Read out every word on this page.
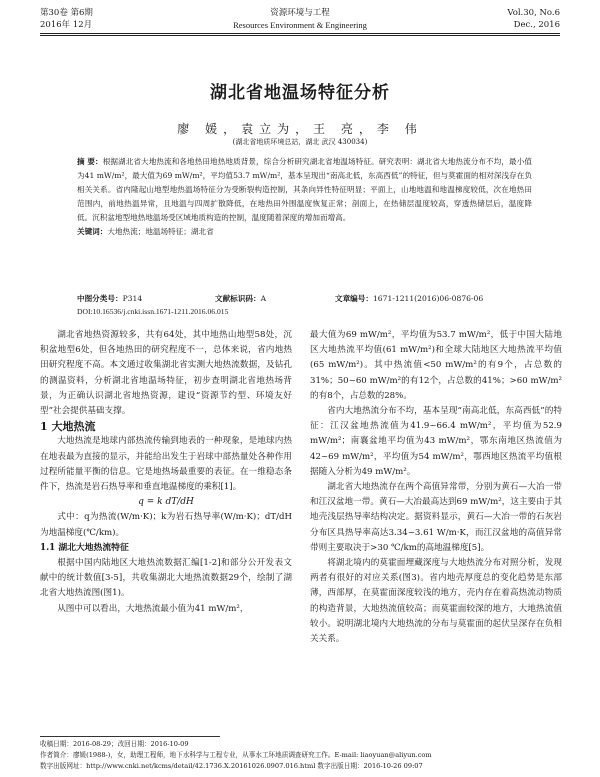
第30卷 第6期
2016年 12月
资源环境与工程
Resources Environment & Engineering
Vol.30, No.6
Dec., 2016
湖北省地温场特征分析
廖 媛，袁立为，王 亮，李 伟
(湖北省地质环境总站，湖北 武汉 430034)
摘 要：根据湖北省大地热流和各地热田地热地质背景，综合分析研究湖北省地温场特征。研究表明：湖北省大地热流分布不均，最小值为41 mW/m²，最大值为69 mW/m²，平均值53.7 mW/m²，基本呈现出“南高北低，东高西低”的特征，但与莫霍面的相对深浅存在负相关关系。省内隆起山地型地热温场特征分为受断裂构造控制，其条向异性特征明显；平面上，山地地温和地温梯度较低，次在地热田范围内，前地热温异常，且地温与四周扩散降低，在地热田外围温度恢复正常；剖面上，在热储层温度较高，穿透热储层后，温度降低。沉积盆地型地热地温场受区域地质构造的控制，温度随着深度的增加而增高。
关键词：大地热流；地温场特征；湖北省
中图分类号：P314	文献标识码：A	文章编号：1671-1211(2016)06-0876-06
DOI:10.16536/j.cnki.issn.1671-1211.2016.06.015

湖北省地热资源较多，共有64处，其中地热山地型58处，沉积盆地型6处，但各地热田的研究程度不一，总体来说，省内地热田研究程度不高。本文通过收集湖北省实测大地热流数据，及钻孔的测温资料，分析湖北省地温场特征，初步查明湖北省地热场背景，为正确认识湖北省地热资源，建设“资源节约型、环境友好型”社会提供基础支撑。

1 大地热流

大地热流是地球内部热流传输到地表的一种现象，是地球内热在地表最为直接的显示，并能给出发生于岩球中部热量处各种作用过程所能量平衡的信息。它是地热场最重要的表征。在一维稳态条件下，热流是岩石热导率和垂直地温梯度的乘积[1]。

q = k dT/dH

式中：q为热流(W/m·K)；k为岩石热导率(W/m·K)；dT/dH为地温梯度(℃/km)。

1.1 湖北大地热流特征

根据中国内陆地区大地热流数据汇编[1-2]和部分公开发表文献中的统计数值[3-5]，共收集湖北大地热流数据29个，绘制了湖北省大地热流图(图1)。

从图中可以看出，大地热流最小值为41 mW/m²，

最大值为69 mW/m²，平均值为53.7 mW/m²，低于中国大陆地区大地热流平均值(61 mW/m²)和全球大陆地区大地热流平均值(65 mW/m²)。其中热流值<50 mW/m²的有9个，占总数的31%；50~60 mW/m²的有12个，占总数的41%；>60 mW/m²的有8个，占总数的28%。

省内大地热流分布不均，基本呈现“南高北低，东高西低”的特征：江汉盆地热流值为41.9~66.4 mW/m²，平均值为52.9 mW/m²；南襄盆地平均值为43 mW/m²，鄂东南地区热流值为42~69 mW/m²，平均值为54 mW/m²，鄂西地区热流平均值根据随入分析为49 mW/m²。

湖北省大地热流存在两个高值异常带，分别为黄石—大冶一带和江汉盆地一带。黄石—大冶最高达到69 mW/m²，这主要由于其地壳浅层热导率结构决定。据资料显示，黄石—大冶一带的石灰岩分布区具热导率高达3.34~3.61 W/m·K，而江汉盆地的高值异常带则主要取决于>30 ℃/km的高地温梯度[5]。

将湖北境内的莫霍面埋藏深度与大地热流分布对照分析，发现两者有很好的对应关系(图3)。省内地壳厚度总的变化趋势是东部薄，西部厚，在莫霍面深度较浅的地方，壳内存在着高热流动物质的构造背景，大地热流值较高；而莫霍面较深的地方，大地热流值较小。说明湖北境内大地热流的分布与莫霍面的起伏呈深存在负相关关系。

收稿日期：2016-08-29；改回日期：2016-10-09
作者简介：廖媛(1988-)，女，助理工程师，地下水科学与工程专业，从事水工环地质调查研究工作。E-mail: liaoyuan@aliyun.com
数字出版网址：http://www.cnki.net/kcms/detail/42.1736.X.20161026.0907.016.html 数字出版日期：2016-10-26 09:07
